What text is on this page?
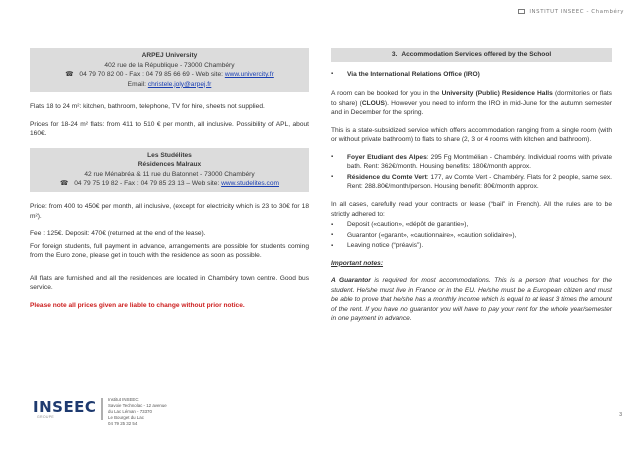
INSTITUT INSEEC - Chambéry
ARPEJ University
402 rue de la République - 73000 Chambéry
☎ 04 79 70 82 00 - Fax : 04 79 85 66 69 - Web site: www.univercity.fr
Email: christele.joly@arpej.fr

Flats 18 to 24 m²: kitchen, bathroom, telephone, TV for hire, sheets not supplied.

Prices for 18-24 m² flats: from 411 to 510 € per month, all inclusive. Possibility of APL, about 160€.

Les Studélites
Résidences Malraux
42 rue Ménabréa & 11 rue du Batonnet - 73000 Chambéry
☎ 04 79 75 19 82 - Fax : 04 79 85 23 13 – Web site: www.studelites.com

Price: from 400 to 450€ per month, all inclusive, (except for electricity which is 23 to 30€ for 18 m²).

Fee : 125€. Deposit: 470€ (returned at the end of the lease).

For foreign students, full payment in advance, arrangements are possible for students coming from the Euro zone, please get in touch with the residence as soon as possible.

All flats are furnished and all the residences are located in Chambéry town centre. Good bus service.

Please note all prices given are liable to change without prior notice.

3. Accommodation Services offered by the School
▪	Via the International Relations Office (IRO)

A room can be booked for you in the University (Public) Residence Halls (dormitories or flats to share) (CLOUS). However you need to inform the IRO in mid-June for the autumn semester and in December for the spring.

This is a state-subsidized service which offers accommodation ranging from a single room (with or without private bathroom) to flats to share (2, 3 or 4 rooms with kitchen and bathroom).

▪	Foyer Etudiant des Alpes: 295 Fg Montmélian - Chambéry. Individual rooms with private bath. Rent: 362€/month. Housing benefits: 180€/month approx.
▪	Résidence du Comte Vert: 177, av Comte Vert - Chambéry. Flats for 2 people, same sex. Rent: 288.80€/month/person. Housing benefit: 80€/month approx.

In all cases, carefully read your contracts or lease (“bail” in French). All the rules are to be strictly adhered to:

▪	Deposit («caution», «dépôt de garantie»),
▪	Guarantor («garant», «cautionnaire», «caution solidaire»),
▪	Leaving notice (“préavis”).

Important notes:

A Guarantor is required for most accommodations. This is a person that vouches for the student. He/she must live in France or in the EU. He/she must be a European citizen and must be able to prove that he/she has a monthly income which is equal to at least 3 times the amount of the rent. If you have no guarantor you will have to pay your rent for the whole year/semester in one payment in advance.

INSEEC
GROUPE
Institut INSEEC
Savoie Technolac - 12 avenue
du Lac Léman - 73370
Le Bourget du Lac
04 79 25 32 54
3
